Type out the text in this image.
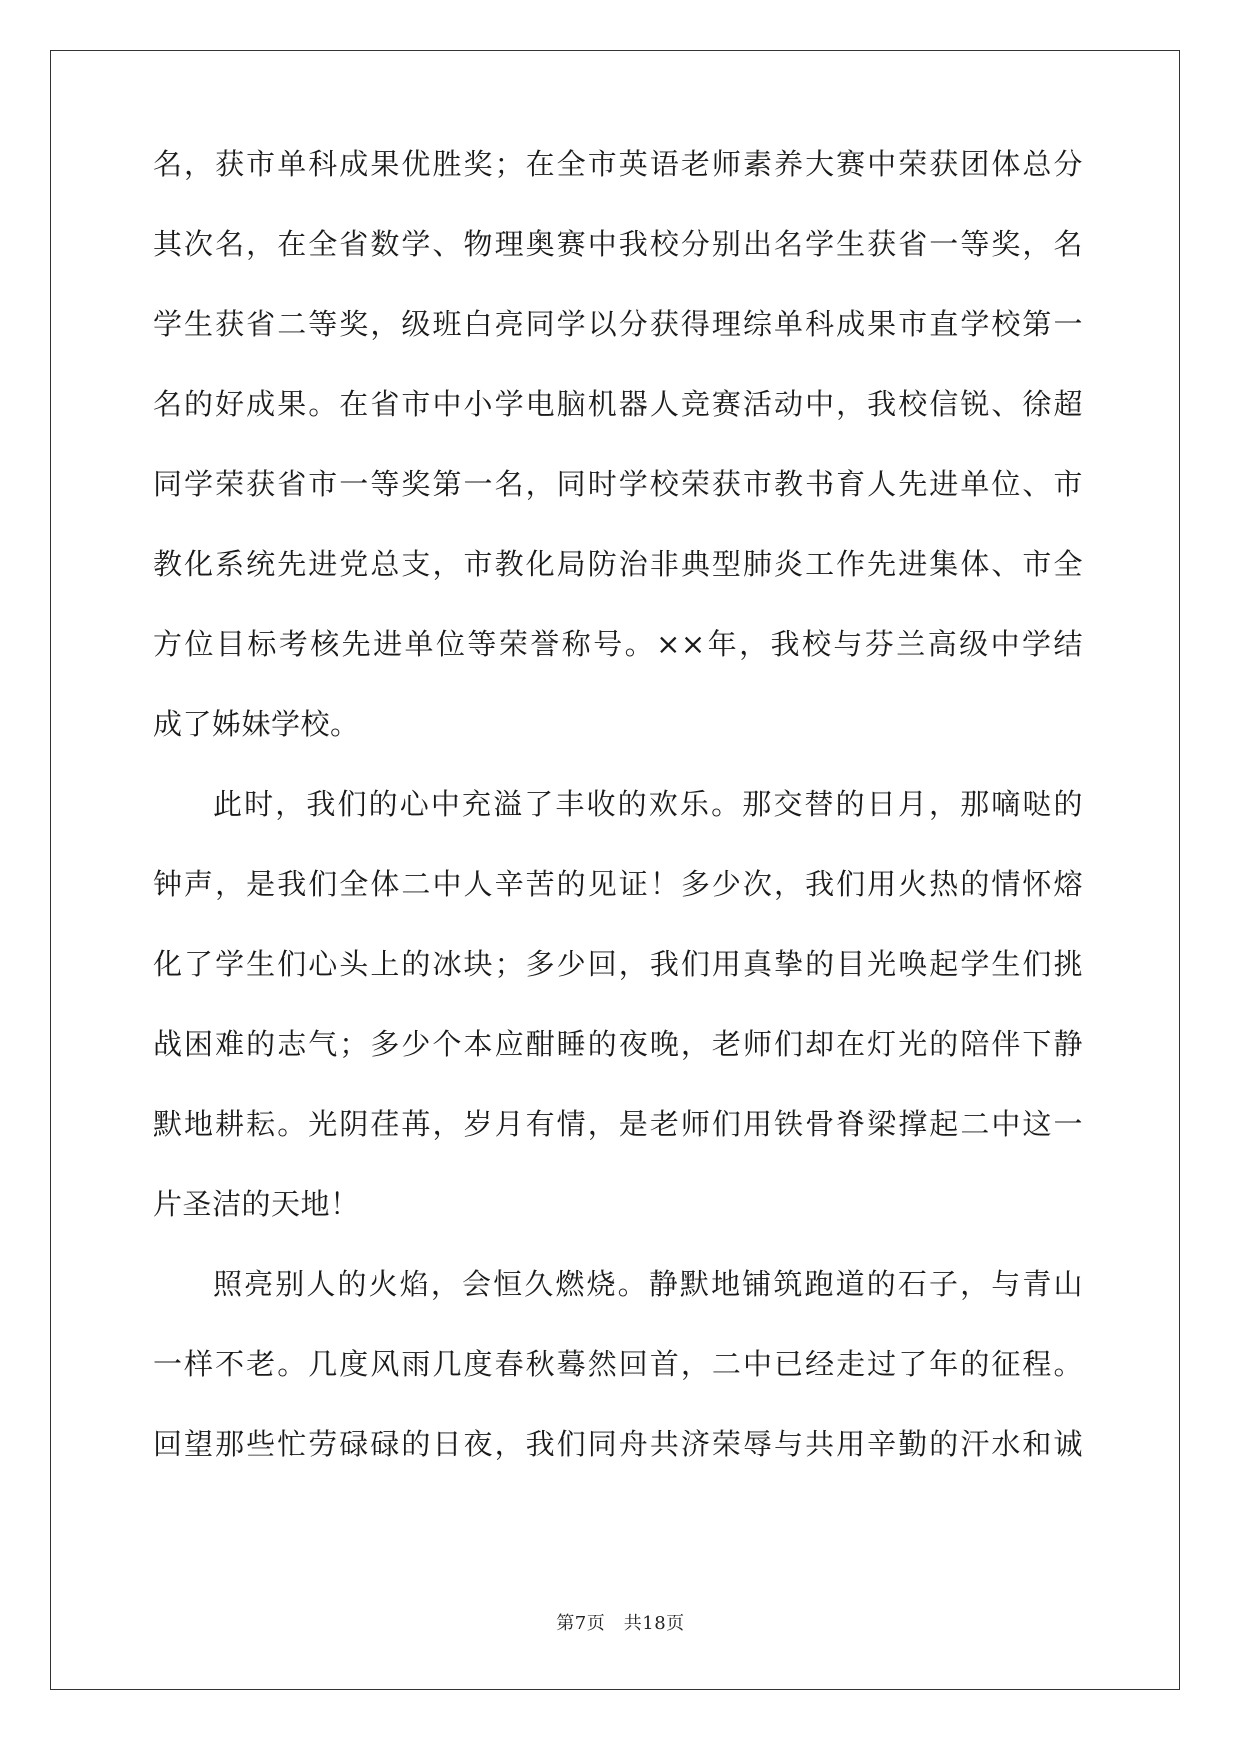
名，获市单科成果优胜奖；在全市英语老师素养大赛中荣获团体总分
其次名，在全省数学、物理奥赛中我校分别出名学生获省一等奖，名
学生获省二等奖，级班白亮同学以分获得理综单科成果市直学校第一
名的好成果。在省市中小学电脑机器人竞赛活动中，我校信锐、徐超
同学荣获省市一等奖第一名，同时学校荣获市教书育人先进单位、市
教化系统先进党总支，市教化局防治非典型肺炎工作先进集体、市全
方位目标考核先进单位等荣誉称号。××年，我校与芬兰高级中学结
成了姊妹学校。
此时，我们的心中充溢了丰收的欢乐。那交替的日月，那嘀哒的
钟声，是我们全体二中人辛苦的见证！多少次，我们用火热的情怀熔
化了学生们心头上的冰块；多少回，我们用真挚的目光唤起学生们挑
战困难的志气；多少个本应酣睡的夜晚，老师们却在灯光的陪伴下静
默地耕耘。光阴荏苒，岁月有情，是老师们用铁骨脊梁撑起二中这一
片圣洁的天地！
照亮别人的火焰，会恒久燃烧。静默地铺筑跑道的石子，与青山
一样不老。几度风雨几度春秋蓦然回首，二中已经走过了年的征程。
回望那些忙劳碌碌的日夜，我们同舟共济荣辱与共用辛勤的汗水和诚
第7页　共18页
